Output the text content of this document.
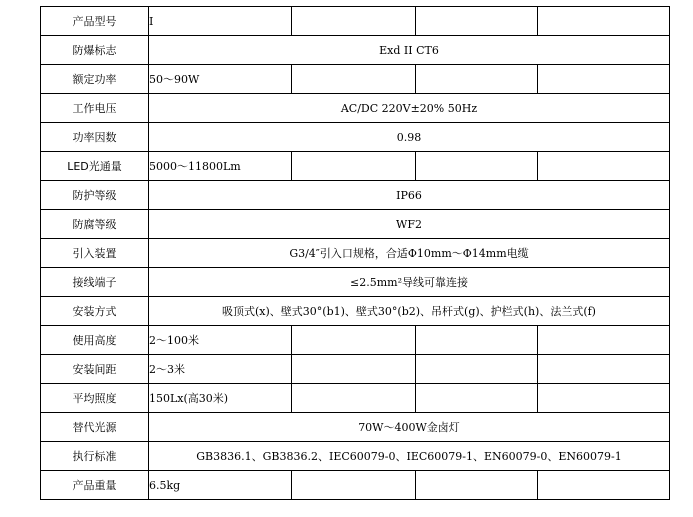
产品型号	I			
防爆标志	Exd II CT6			
额定功率	50～90W			
工作电压	AC/DC 220V±20% 50Hz			
功率因数	0.98			
LED光通量	5000～11800Lm			
防护等级	IP66			
防腐等级	WF2			
引入装置	G3/4″引入口规格，合适Φ10mm～Φ14mm电缆			
接线端子	≤2.5mm²导线可靠连接			
安装方式	吸顶式(x)、壁式30°(b1)、壁式30°(b2)、吊杆式(g)、护栏式(h)、法兰式(f)			
使用高度	2～100米			
安装间距	2～3米			
平均照度	150Lx(高30米)			
替代光源	70W～400W金卤灯			
执行标准	GB3836.1、GB3836.2、IEC60079-0、IEC60079-1、EN60079-0、EN60079-1			
产品重量	6.5kg			
